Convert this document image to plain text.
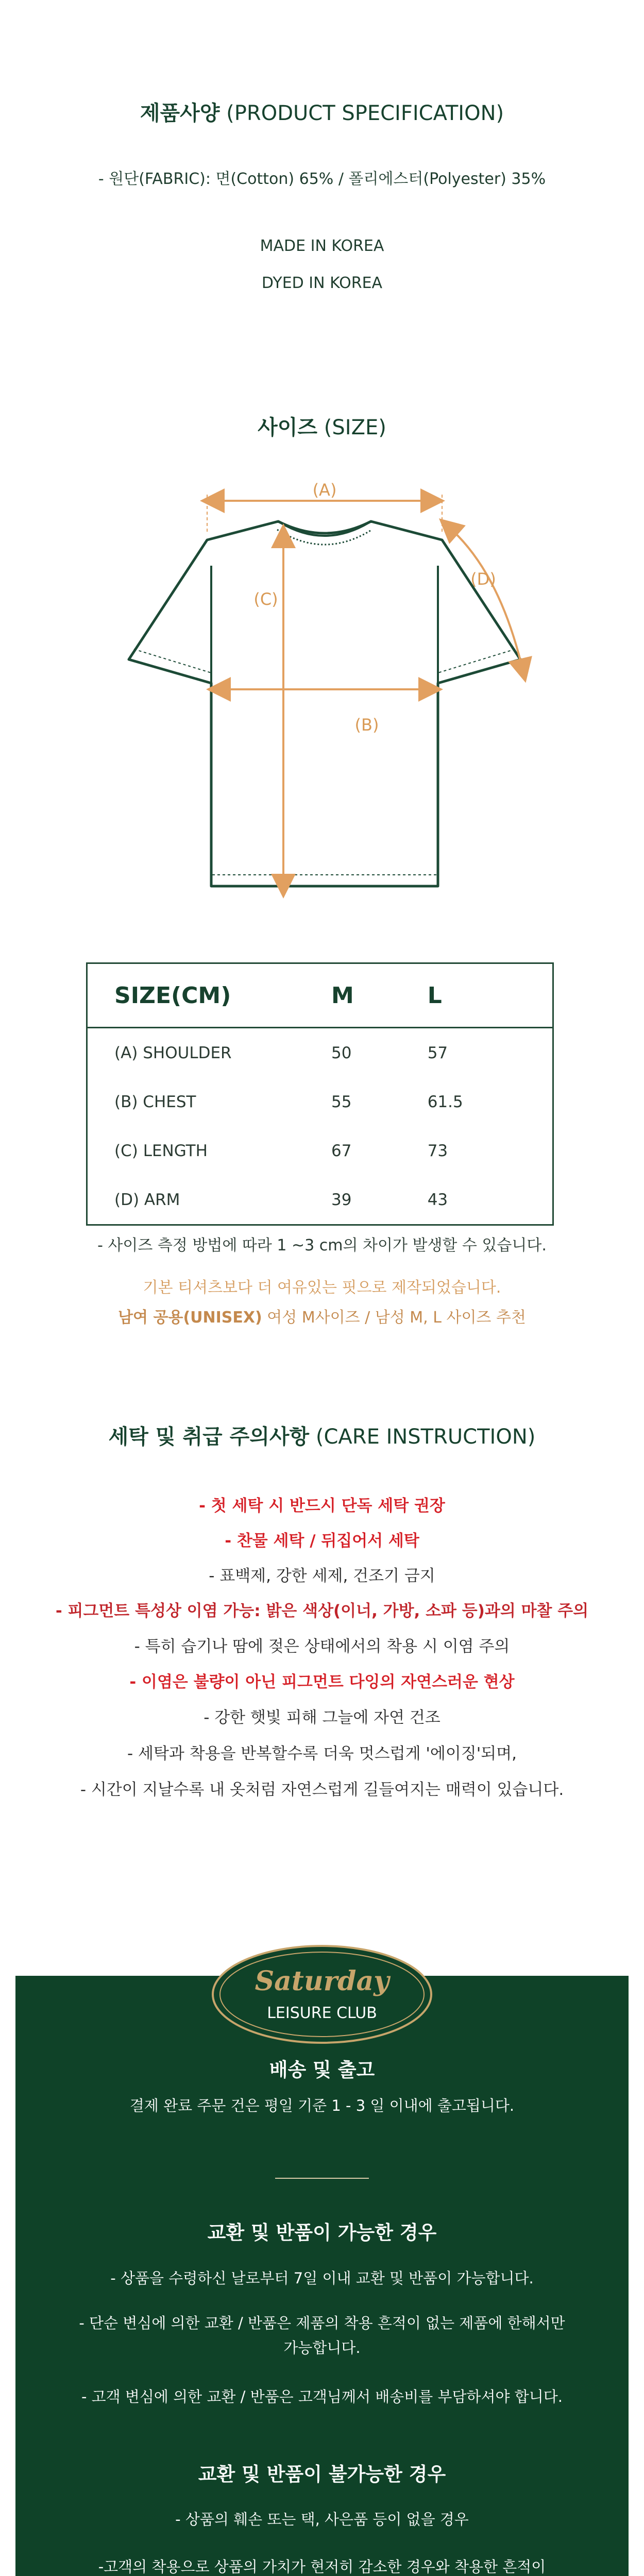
제품사양 (PRODUCT SPECIFICATION)
- 원단(FABRIC): 면(Cotton) 65% / 폴리에스터(Polyester) 35%
MADE IN KOREA
DYED IN KOREA
사이즈 (SIZE)
(A)
(B)
(C)
(D)
SIZE(CM)	M	L
(A) SHOULDER	50	57
(B) CHEST	55	61.5
(C) LENGTH	67	73
(D) ARM	39	43
- 사이즈 측정 방법에 따라 1 ~3 cm의 차이가 발생할 수 있습니다.
기본 티셔츠보다 더 여유있는 핏으로 제작되었습니다.
남여 공용(UNISEX) 여성 M사이즈 / 남성 M, L 사이즈 추천
세탁 및 취급 주의사항 (CARE INSTRUCTION)
- 첫 세탁 시 반드시 단독 세탁 권장
- 찬물 세탁 / 뒤집어서 세탁
- 표백제, 강한 세제, 건조기 금지
- 피그먼트 특성상 이염 가능: 밝은 색상(이너, 가방, 소파 등)과의 마찰 주의
- 특히 습기나 땀에 젖은 상태에서의 착용 시 이염 주의
- 이염은 불량이 아닌 피그먼트 다잉의 자연스러운 현상
- 강한 햇빛 피해 그늘에 자연 건조
- 세탁과 착용을 반복할수록 더욱 멋스럽게 '에이징'되며,
- 시간이 지날수록 내 옷처럼 자연스럽게 길들여지는 매력이 있습니다.
Saturday
LEISURE CLUB
배송 및 출고
결제 완료 주문 건은 평일 기준 1 - 3 일 이내에 출고됩니다.
교환 및 반품이 가능한 경우
- 상품을 수령하신 날로부터 7일 이내 교환 및 반품이 가능합니다.
- 단순 변심에 의한 교환 / 반품은 제품의 착용 흔적이 없는 제품에 한해서만
가능합니다.
- 고객 변심에 의한 교환 / 반품은 고객님께서 배송비를 부담하셔야 합니다.
교환 및 반품이 불가능한 경우
- 상품의 훼손 또는 택, 사은품 등이 없을 경우
-고객의 착용으로 상품의 가치가 현저히 감소한 경우와 착용한 흔적이
